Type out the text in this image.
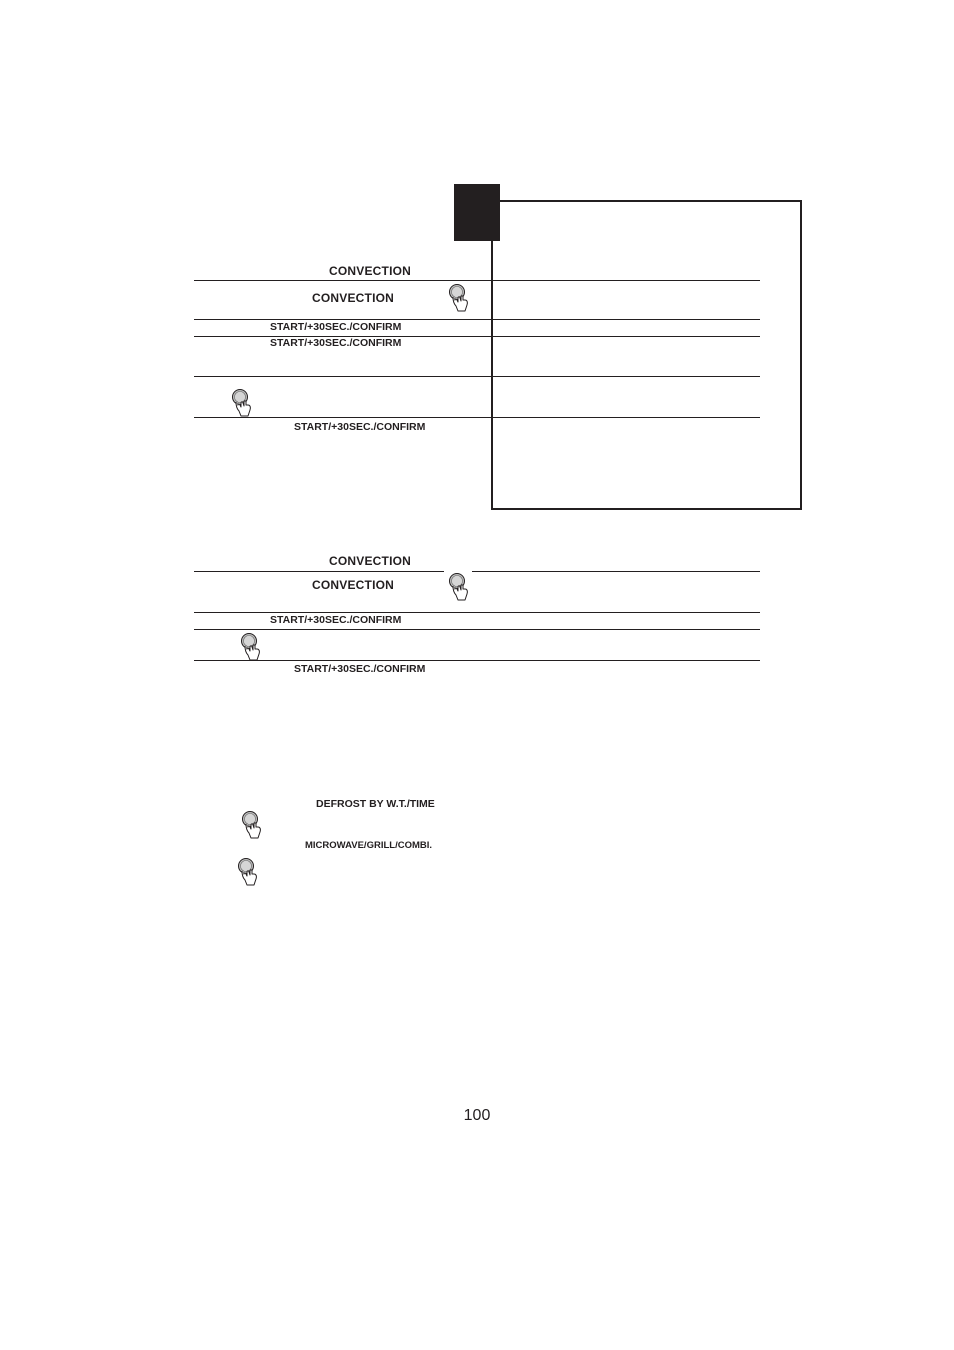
CONVECTION
CONVECTION
START/+30SEC./CONFIRM
START/+30SEC./CONFIRM
START/+30SEC./CONFIRM
CONVECTION
CONVECTION
START/+30SEC./CONFIRM
START/+30SEC./CONFIRM
DEFROST BY W.T./TIME
MICROWAVE/GRILL/COMBI.
100
